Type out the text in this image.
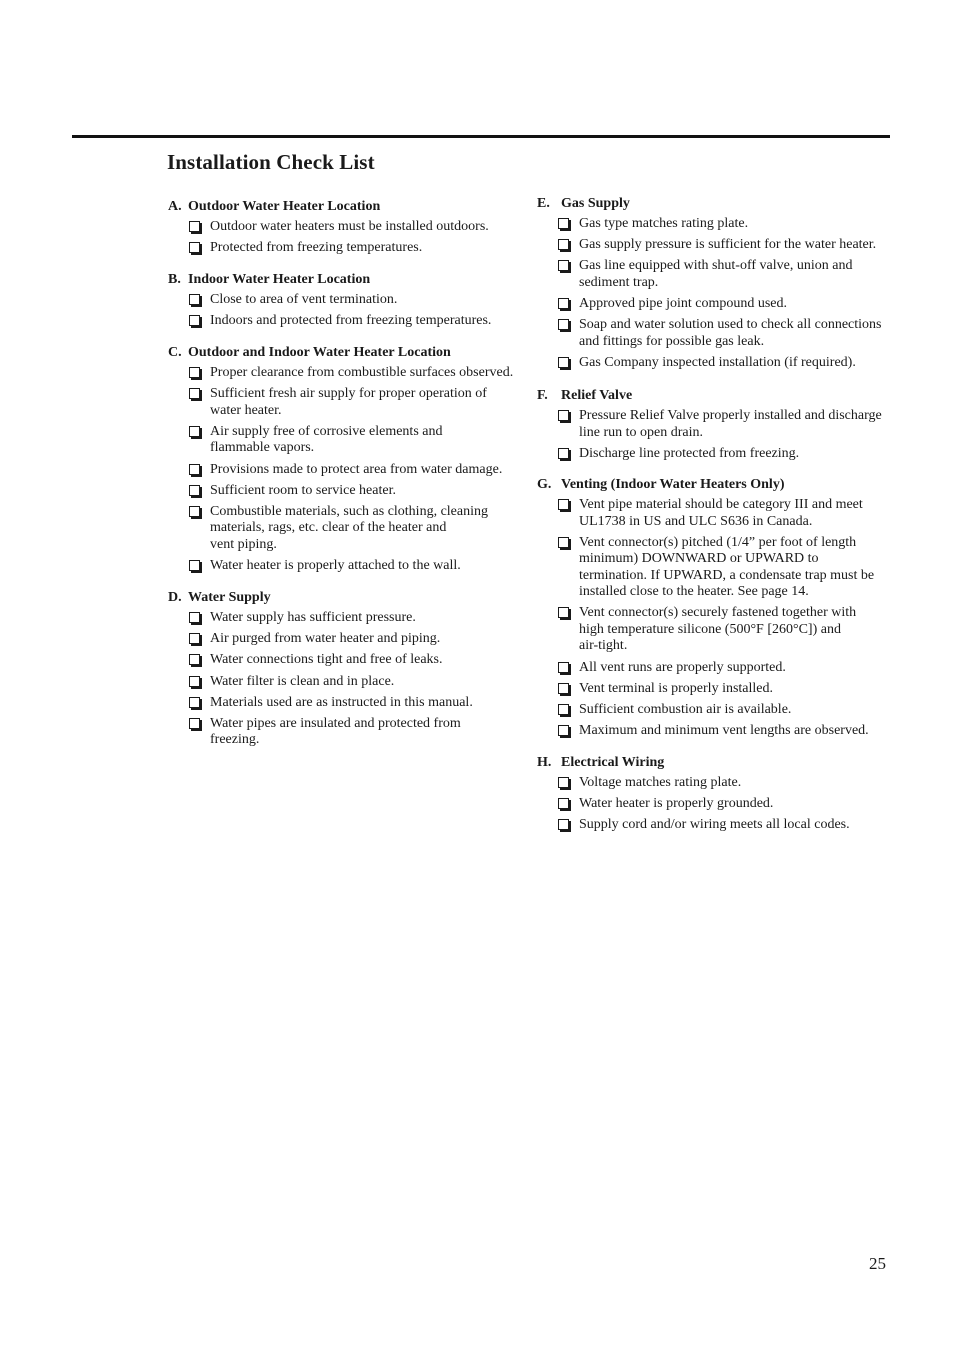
Installation Check List
A. Outdoor Water Heater Location
Outdoor water heaters must be installed outdoors.
Protected from freezing temperatures.
B. Indoor Water Heater Location
Close to area of vent termination.
Indoors and protected from freezing temperatures.
C. Outdoor and Indoor Water Heater Location
Proper clearance from combustible surfaces observed.
Sufficient fresh air supply for proper operation of
water heater.
Air supply free of corrosive elements and
flammable vapors.
Provisions made to protect area from water damage.
Sufficient room to service heater.
Combustible materials, such as clothing, cleaning
materials, rags, etc. clear of the heater and
vent piping.
Water heater is properly attached to the wall.
D. Water Supply
Water supply has sufficient pressure.
Air purged from water heater and piping.
Water connections tight and free of leaks.
Water filter is clean and in place.
Materials used are as instructed in this manual.
Water pipes are insulated and protected from
freezing.
E. Gas Supply
Gas type matches rating plate.
Gas supply pressure is sufficient for the water heater.
Gas line equipped with shut-off valve, union and
sediment trap.
Approved pipe joint compound used.
Soap and water solution used to check all connections
and fittings for possible gas leak.
Gas Company inspected installation (if required).
F. Relief Valve
Pressure Relief Valve properly installed and discharge
line run to open drain.
Discharge line protected from freezing.
G. Venting (Indoor Water Heaters Only)
Vent pipe material should be category III and meet
UL1738 in US and ULC S636 in Canada.
Vent connector(s) pitched (1/4” per foot of length
minimum) DOWNWARD or UPWARD to
termination. If UPWARD, a condensate trap must be
installed close to the heater. See page 14.
Vent connector(s) securely fastened together with
high temperature silicone (500°F [260°C]) and
air-tight.
All vent runs are properly supported.
Vent terminal is properly installed.
Sufficient combustion air is available.
Maximum and minimum vent lengths are observed.
H. Electrical Wiring
Voltage matches rating plate.
Water heater is properly grounded.
Supply cord and/or wiring meets all local codes.
25
